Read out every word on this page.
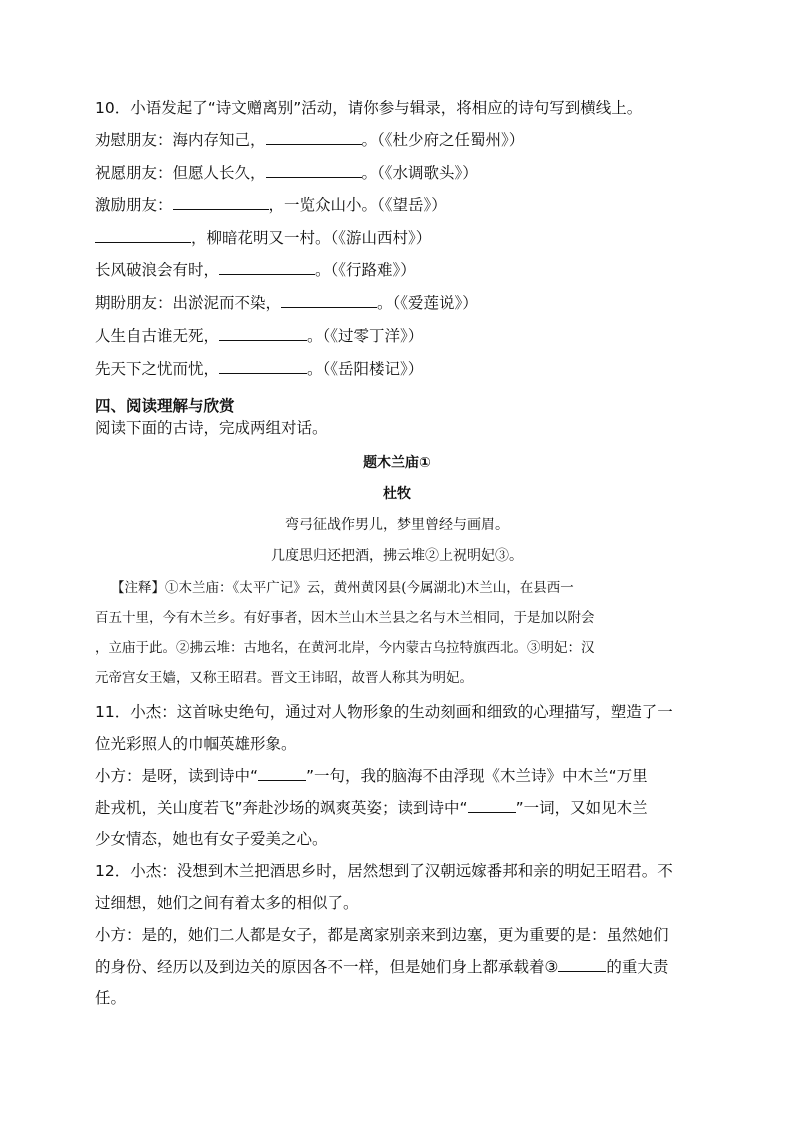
10．小语发起了“诗文赠离别”活动，请你参与辑录，将相应的诗句写到横线上。
劝慰朋友：海内存知己，	。（《杜少府之任蜀州》）
祝愿朋友：但愿人长久，	。（《水调歌头》）
激励朋友：	，一览众山小。（《望岳》）
，柳暗花明又一村。（《游山西村》）
长风破浪会有时，	。（《行路难》）
期盼朋友：出淤泥而不染，	。（《爱莲说》）
人生自古谁无死，	。（《过零丁洋》）
先天下之忧而忧，	。（《岳阳楼记》）
四、阅读理解与欣赏
阅读下面的古诗，完成两组对话。
题木兰庙①
杜牧
弯弓征战作男儿，梦里曾经与画眉。
几度思归还把酒，拂云堆②上祝明妃③。
【注释】①木兰庙：《太平广记》云，黄州黄冈县(今属湖北)木兰山，在县西一
百五十里，今有木兰乡。有好事者，因木兰山木兰县之名与木兰相同，于是加以附会
，立庙于此。②拂云堆：古地名，在黄河北岸，今内蒙古乌拉特旗西北。③明妃：汉
元帝宫女王嫱，又称王昭君。晋文王讳昭，故晋人称其为明妃。
11．小杰：这首咏史绝句，通过对人物形象的生动刻画和细致的心理描写，塑造了一
位光彩照人的巾帼英雄形象。
小方：是呀，读到诗中“	”一句，我的脑海不由浮现《木兰诗》中木兰“万里
赴戎机，关山度若飞”奔赴沙场的飒爽英姿；读到诗中“	”一词，又如见木兰
少女情态，她也有女子爱美之心。
12．小杰：没想到木兰把酒思乡时，居然想到了汉朝远嫁番邦和亲的明妃王昭君。不
过细想，她们之间有着太多的相似了。
小方：是的，她们二人都是女子，都是离家别亲来到边塞，更为重要的是：虽然她们
的身份、经历以及到边关的原因各不一样，但是她们身上都承载着③	的重大责
任。
